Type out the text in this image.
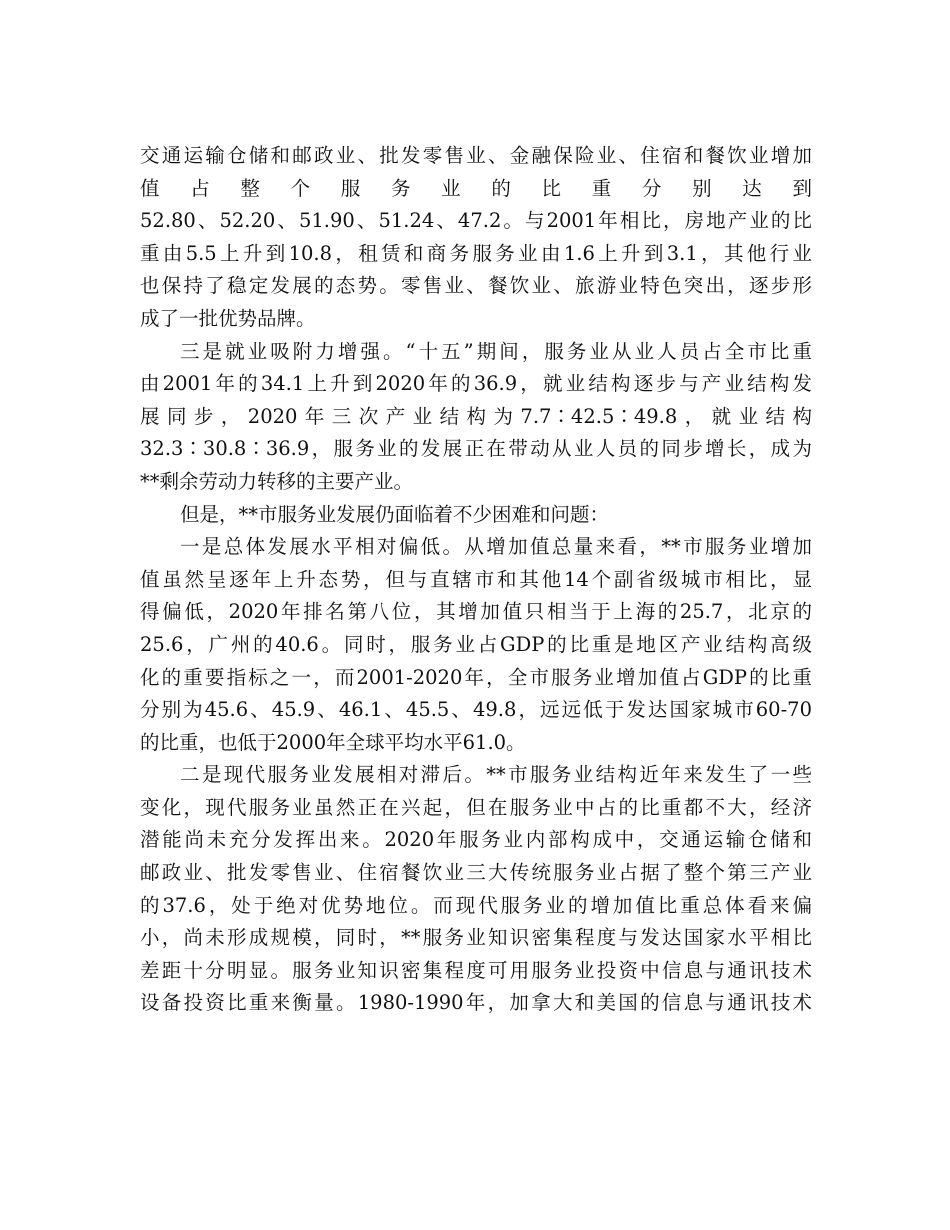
交通运输仓储和邮政业、批发零售业、金融保险业、住宿和餐饮业增加
值 占 整 个 服 务 业 的 比 重 分 别 达 到
52.80、52.20、51.90、51.24、47.2。与2001年相比，房地产业的比
重由5.5上升到10.8，租赁和商务服务业由1.6上升到3.1，其他行业
也保持了稳定发展的态势。零售业、餐饮业、旅游业特色突出，逐步形
成了一批优势品牌。
三是就业吸附力增强。“十五”期间，服务业从业人员占全市比重
由2001年的34.1上升到2020年的36.9，就业结构逐步与产业结构发
展同步，2020年三次产业结构为7.7∶42.5∶49.8，就业结构
32.3∶30.8∶36.9，服务业的发展正在带动从业人员的同步增长，成为
**剩余劳动力转移的主要产业。
但是，**市服务业发展仍面临着不少困难和问题：
一是总体发展水平相对偏低。从增加值总量来看，**市服务业增加
值虽然呈逐年上升态势，但与直辖市和其他14个副省级城市相比，显
得偏低，2020年排名第八位，其增加值只相当于上海的25.7，北京的
25.6，广州的40.6。同时，服务业占GDP的比重是地区产业结构高级
化的重要指标之一，而2001-2020年，全市服务业增加值占GDP的比重
分别为45.6、45.9、46.1、45.5、49.8，远远低于发达国家城市60-70
的比重，也低于2000年全球平均水平61.0。
二是现代服务业发展相对滞后。**市服务业结构近年来发生了一些
变化，现代服务业虽然正在兴起，但在服务业中占的比重都不大，经济
潜能尚未充分发挥出来。2020年服务业内部构成中，交通运输仓储和
邮政业、批发零售业、住宿餐饮业三大传统服务业占据了整个第三产业
的37.6，处于绝对优势地位。而现代服务业的增加值比重总体看来偏
小，尚未形成规模，同时，**服务业知识密集程度与发达国家水平相比
差距十分明显。服务业知识密集程度可用服务业投资中信息与通讯技术
设备投资比重来衡量。1980-1990年，加拿大和美国的信息与通讯技术
